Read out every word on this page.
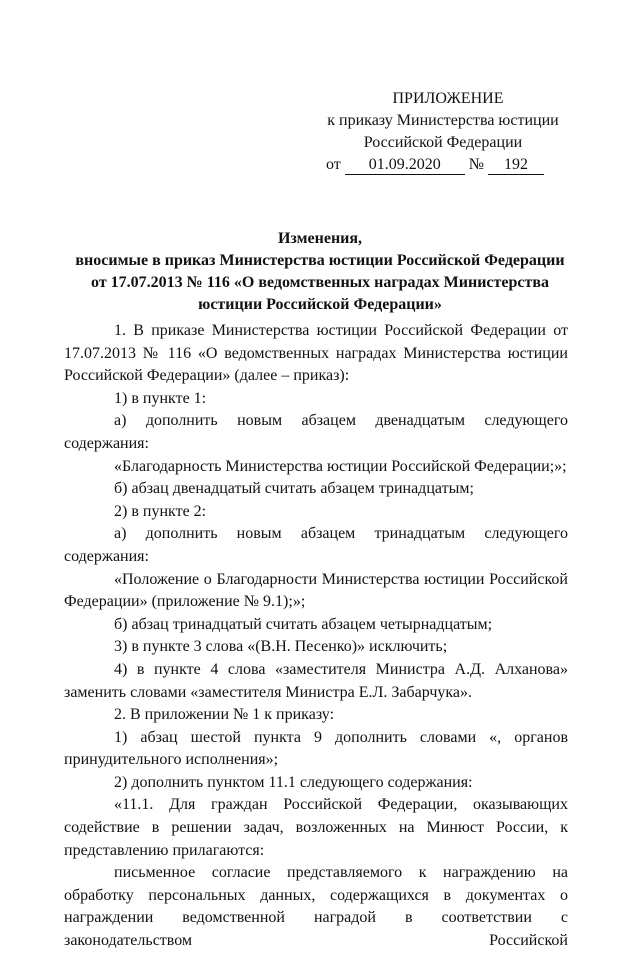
ПРИЛОЖЕНИЕ
к приказу Министерства юстиции
Российской Федерации
от 01.09.2020 № 192
Изменения,
вносимые в приказ Министерства юстиции Российской Федерации
от 17.07.2013 № 116 «О ведомственных наградах Министерства
юстиции Российской Федерации»

1. В приказе Министерства юстиции Российской Федерации от 17.07.2013 № 116 «О ведомственных наградах Министерства юстиции Российской Федерации» (далее – приказ):

1) в пункте 1:

а) дополнить новым абзацем двенадцатым следующего содержания:

«Благодарность Министерства юстиции Российской Федерации;»;

б) абзац двенадцатый считать абзацем тринадцатым;

2) в пункте 2:

а) дополнить новым абзацем тринадцатым следующего содержания:

«Положение о Благодарности Министерства юстиции Российской Федерации» (приложение № 9.1);»;

б) абзац тринадцатый считать абзацем четырнадцатым;

3) в пункте 3 слова «(В.Н. Песенко)» исключить;

4) в пункте 4 слова «заместителя Министра А.Д. Алханова» заменить словами «заместителя Министра Е.Л. Забарчука».

2. В приложении № 1 к приказу:

1) абзац шестой пункта 9 дополнить словами «, органов принудительного исполнения»;

2) дополнить пунктом 11.1 следующего содержания:

«11.1. Для граждан Российской Федерации, оказывающих содействие в решении задач, возложенных на Минюст России, к представлению прилагаются:

письменное согласие представляемого к награждению на обработку персональных данных, содержащихся в документах о награждении ведомственной наградой в соответствии с законодательством Российской
